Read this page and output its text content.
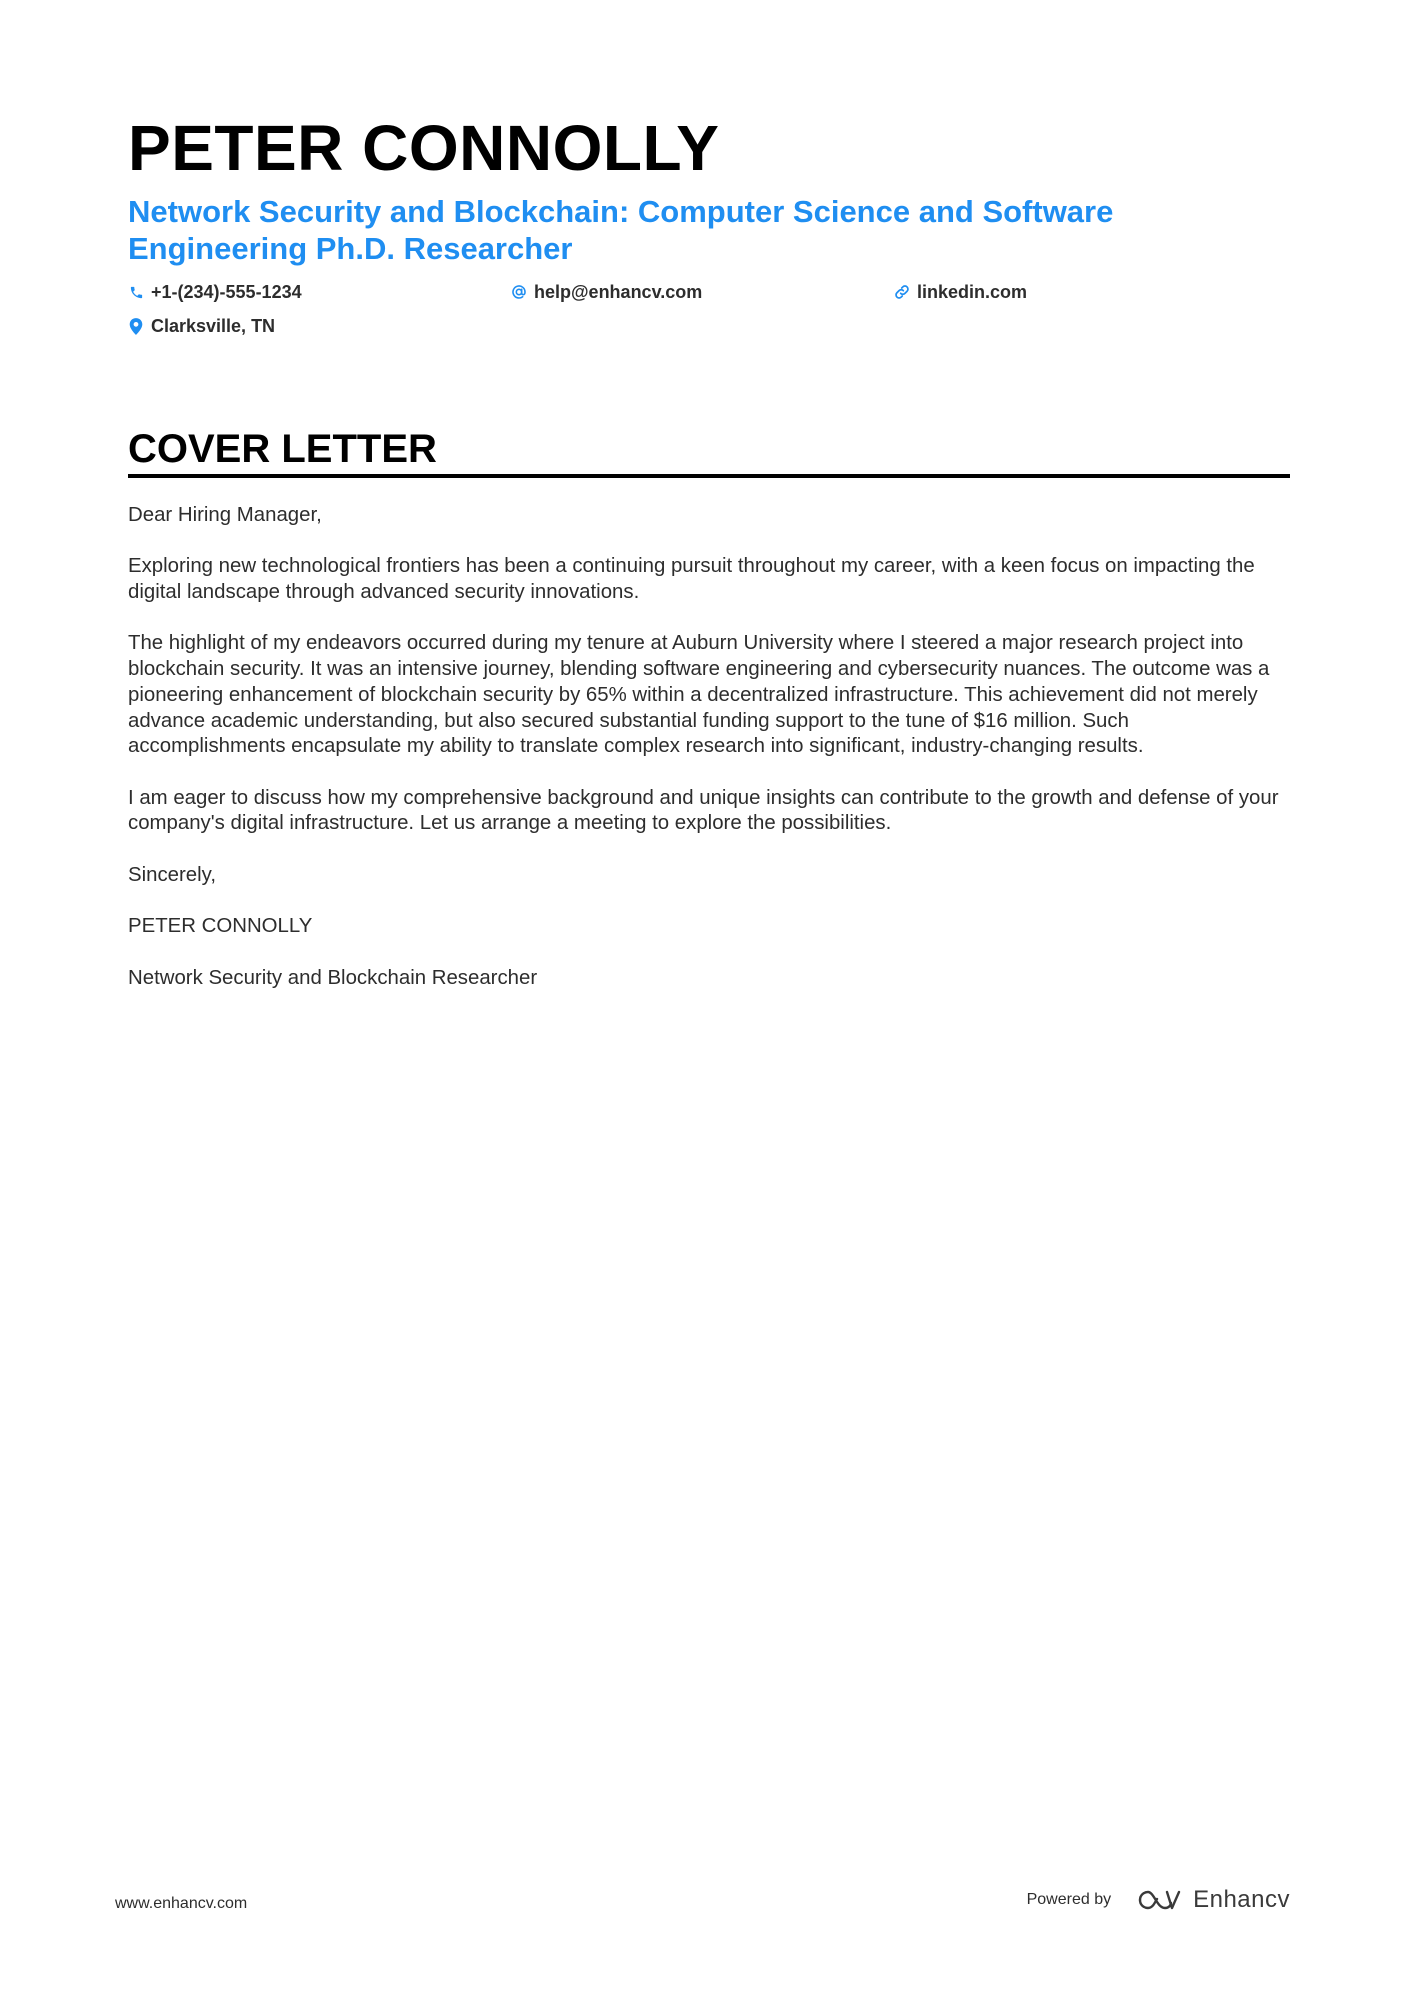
PETER CONNOLLY
Network Security and Blockchain: Computer Science and Software Engineering Ph.D. Researcher
+1-(234)-555-1234	help@enhancv.com	linkedin.com
Clarksville, TN
COVER LETTER

Dear Hiring Manager,

Exploring new technological frontiers has been a continuing pursuit throughout my career, with a keen focus on impacting the digital landscape through advanced security innovations.

The highlight of my endeavors occurred during my tenure at Auburn University where I steered a major research project into blockchain security. It was an intensive journey, blending software engineering and cybersecurity nuances. The outcome was a pioneering enhancement of blockchain security by 65% within a decentralized infrastructure. This achievement did not merely advance academic understanding, but also secured substantial funding support to the tune of $16 million. Such accomplishments encapsulate my ability to translate complex research into significant, industry-changing results.

I am eager to discuss how my comprehensive background and unique insights can contribute to the growth and defense of your company's digital infrastructure. Let us arrange a meeting to explore the possibilities.

Sincerely,

PETER CONNOLLY

Network Security and Blockchain Researcher

www.enhancv.com	Powered by	Enhancv
